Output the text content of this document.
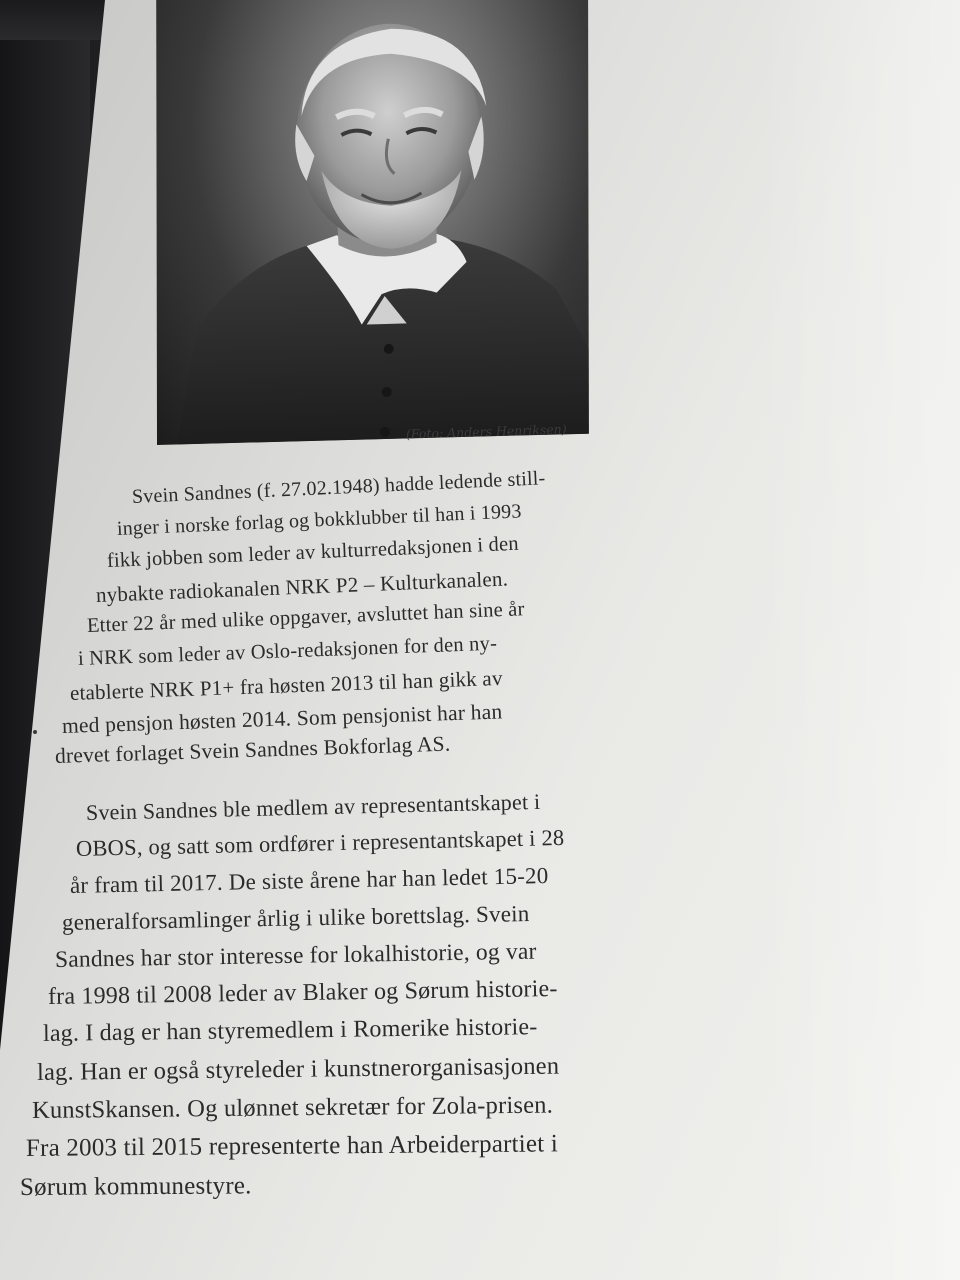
(Foto: Anders Henriksen)
Svein Sandnes (f. 27.02.1948) hadde ledende still-
inger i norske forlag og bokklubber til han i 1993
fikk jobben som leder av kulturredaksjonen i den
nybakte radiokanalen NRK P2 – Kulturkanalen.
Etter 22 år med ulike oppgaver, avsluttet han sine år
i NRK som leder av Oslo-redaksjonen for den ny-
etablerte NRK P1+ fra høsten 2013 til han gikk av
med pensjon høsten 2014. Som pensjonist har han
drevet forlaget Svein Sandnes Bokforlag AS.
Svein Sandnes ble medlem av representantskapet i
OBOS, og satt som ordfører i representantskapet i 28
år fram til 2017. De siste årene har han ledet 15-20
generalforsamlinger årlig i ulike borettslag. Svein
Sandnes har stor interesse for lokalhistorie, og var
fra 1998 til 2008 leder av Blaker og Sørum historie-
lag. I dag er han styremedlem i Romerike historie-
lag. Han er også styreleder i kunstnerorganisasjonen
KunstSkansen. Og ulønnet sekretær for Zola-prisen.
Fra 2003 til 2015 representerte han Arbeiderpartiet i
Sørum kommunestyre.
